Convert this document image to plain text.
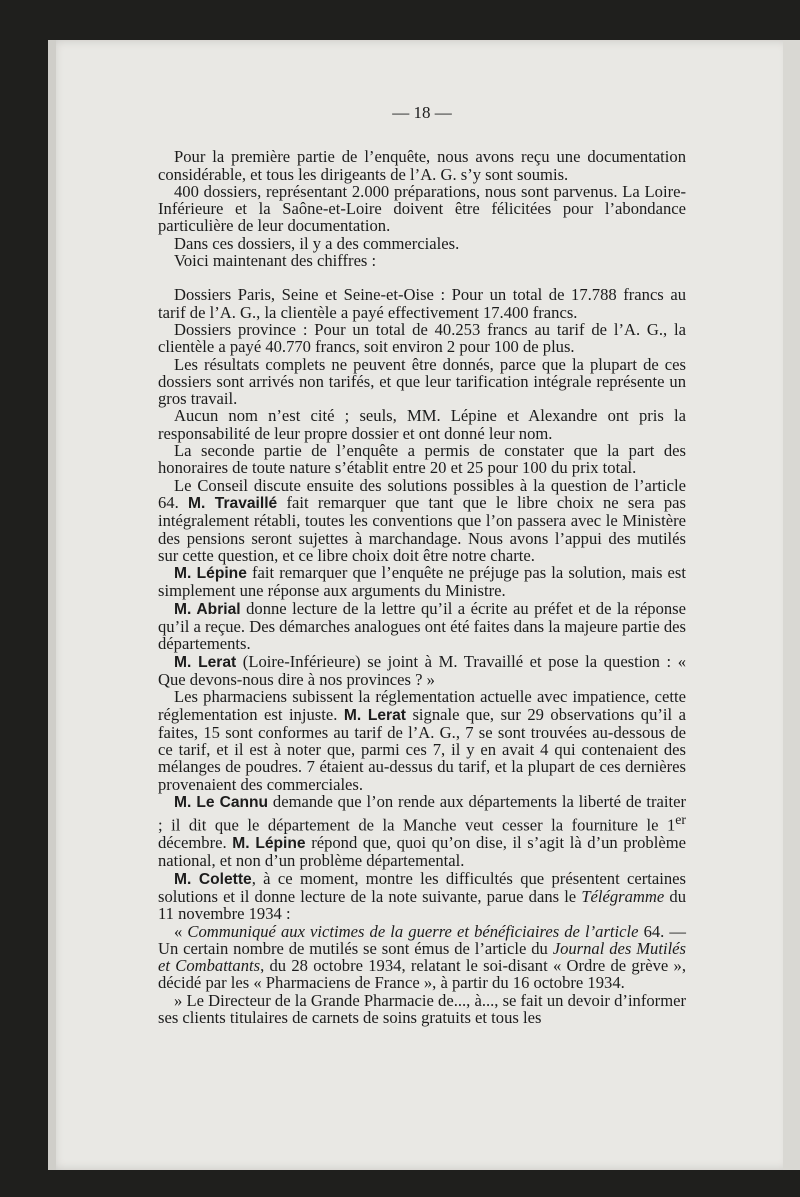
— 18 —

Pour la première partie de l’enquête, nous avons reçu une documentation considérable, et tous les dirigeants de l’A. G. s’y sont soumis.

400 dossiers, représentant 2.000 préparations, nous sont parvenus. La Loire-Inférieure et la Saône-et-Loire doivent être félicitées pour l’abondance particulière de leur documentation.

Dans ces dossiers, il y a des commerciales.

Voici maintenant des chiffres :

Dossiers Paris, Seine et Seine-et-Oise : Pour un total de 17.788 francs au tarif de l’A. G., la clientèle a payé effectivement 17.400 francs.

Dossiers province : Pour un total de 40.253 francs au tarif de l’A. G., la clientèle a payé 40.770 francs, soit environ 2 pour 100 de plus.

Les résultats complets ne peuvent être donnés, parce que la plupart de ces dossiers sont arrivés non tarifés, et que leur tarification intégrale représente un gros travail.

Aucun nom n’est cité ; seuls, MM. Lépine et Alexandre ont pris la responsabilité de leur propre dossier et ont donné leur nom.

La seconde partie de l’enquête a permis de constater que la part des honoraires de toute nature s’établit entre 20 et 25 pour 100 du prix total.

Le Conseil discute ensuite des solutions possibles à la question de l’article 64. M. Travaillé fait remarquer que tant que le libre choix ne sera pas intégralement rétabli, toutes les conventions que l’on passera avec le Ministère des pensions seront sujettes à marchandage. Nous avons l’appui des mutilés sur cette question, et ce libre choix doit être notre charte.

M. Lépine fait remarquer que l’enquête ne préjuge pas la solution, mais est simplement une réponse aux arguments du Ministre.

M. Abrial donne lecture de la lettre qu’il a écrite au préfet et de la réponse qu’il a reçue. Des démarches analogues ont été faites dans la majeure partie des départements.

M. Lerat (Loire-Inférieure) se joint à M. Travaillé et pose la question : « Que devons-nous dire à nos provinces ? »

Les pharmaciens subissent la réglementation actuelle avec impatience, cette réglementation est injuste. M. Lerat signale que, sur 29 observations qu’il a faites, 15 sont conformes au tarif de l’A. G., 7 se sont trouvées au-dessous de ce tarif, et il est à noter que, parmi ces 7, il y en avait 4 qui contenaient des mélanges de poudres. 7 étaient au-dessus du tarif, et la plupart de ces dernières provenaient des commerciales.

M. Le Cannu demande que l’on rende aux départements la liberté de traiter ; il dit que le département de la Manche veut cesser la fourniture le 1er décembre. M. Lépine répond que, quoi qu’on dise, il s’agit là d’un problème national, et non d’un problème départemental.

M. Colette, à ce moment, montre les difficultés que présentent certaines solutions et il donne lecture de la note suivante, parue dans le Télégramme du 11 novembre 1934 :

« Communiqué aux victimes de la guerre et bénéficiaires de l’article 64. — Un certain nombre de mutilés se sont émus de l’article du Journal des Mutilés et Combattants, du 28 octobre 1934, relatant le soi-disant « Ordre de grève », décidé par les « Pharmaciens de France », à partir du 16 octobre 1934.

» Le Directeur de la Grande Pharmacie de..., à..., se fait un devoir d’informer ses clients titulaires de carnets de soins gratuits et tous les
